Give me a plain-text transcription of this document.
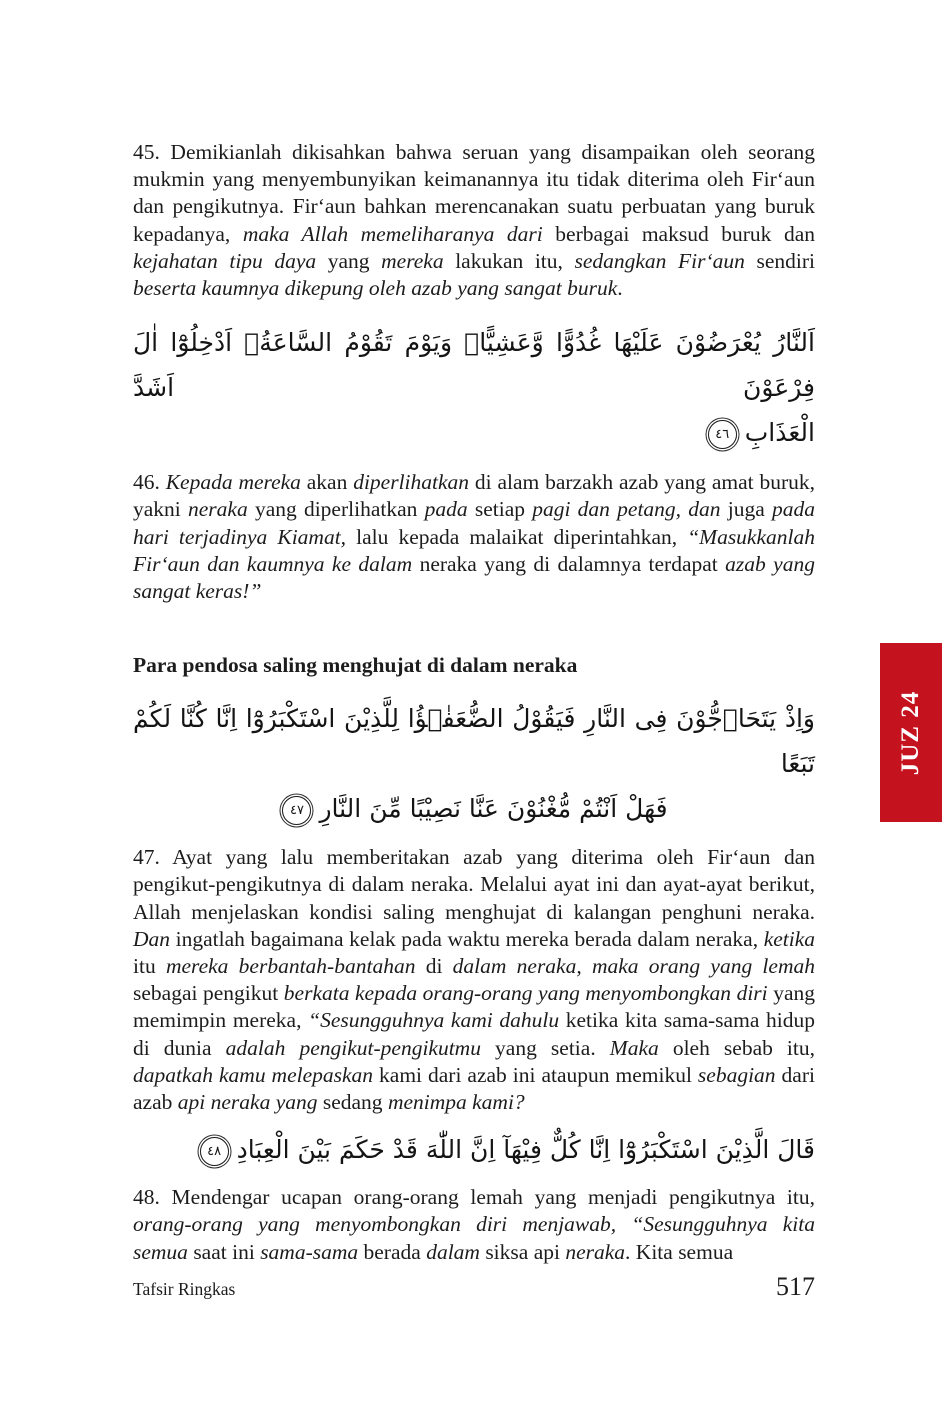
45. Demikianlah dikisahkan bahwa seruan yang disampaikan oleh seorang mukmin yang menyembunyikan keimanannya itu tidak diterima oleh Fir‘aun dan pengikutnya. Fir‘aun bahkan merencanakan suatu perbuatan yang buruk kepadanya, maka Allah memeliharanya dari berbagai maksud buruk dan kejahatan tipu daya yang mereka lakukan itu, sedangkan Fir‘aun sendiri beserta kaumnya dikepung oleh azab yang sangat buruk.

اَلنَّارُ يُعْرَضُوْنَ عَلَيْهَا غُدُوًّا وَّعَشِيًّاۚ وَيَوْمَ تَقُوْمُ السَّاعَةُۗ اَدْخِلُوْٓا اٰلَ فِرْعَوْنَ اَشَدَّ
الْعَذَابِ٤٦

46. Kepada mereka akan diperlihatkan di alam barzakh azab yang amat buruk, yakni neraka yang diperlihatkan pada setiap pagi dan petang, dan juga pada hari terjadinya Kiamat, lalu kepada malaikat diperintahkan, “Masukkanlah Fir‘aun dan kaumnya ke dalam neraka yang di dalamnya terdapat azab yang sangat keras!”

Para pendosa saling menghujat di dalam neraka
وَاِذْ يَتَحَاۤجُّوْنَ فِى النَّارِ فَيَقُوْلُ الضُّعَفٰۤؤُا لِلَّذِيْنَ اسْتَكْبَرُوْٓا اِنَّا كُنَّا لَكُمْ تَبَعًا
فَهَلْ اَنْتُمْ مُّغْنُوْنَ عَنَّا نَصِيْبًا مِّنَ النَّارِ٤٧

47. Ayat yang lalu memberitakan azab yang diterima oleh Fir‘aun dan pengikut-pengikutnya di dalam neraka. Melalui ayat ini dan ayat-ayat berikut, Allah menjelaskan kondisi saling menghujat di kalangan penghuni neraka. Dan ingatlah bagaimana kelak pada waktu mereka berada dalam neraka, ketika itu mereka berbantah-bantahan di dalam neraka, maka orang yang lemah sebagai pengikut berkata kepada orang-orang yang menyombongkan diri yang memimpin mereka, “Sesungguhnya kami dahulu ketika kita sama-sama hidup di dunia adalah pengikut-pengikutmu yang setia. Maka oleh sebab itu, dapatkah kamu melepaskan kami dari azab ini ataupun memikul sebagian dari azab api neraka yang sedang menimpa kami?

قَالَ الَّذِيْنَ اسْتَكْبَرُوْٓا اِنَّا كُلٌّ فِيْهَآ اِنَّ اللّٰهَ قَدْ حَكَمَ بَيْنَ الْعِبَادِ٤٨

48. Mendengar ucapan orang-orang lemah yang menjadi pengikutnya itu, orang-orang yang menyombongkan diri menjawab, “Sesungguhnya kita semua saat ini sama-sama berada dalam siksa api neraka. Kita semua

JUZ 24
Tafsir Ringkas	517
